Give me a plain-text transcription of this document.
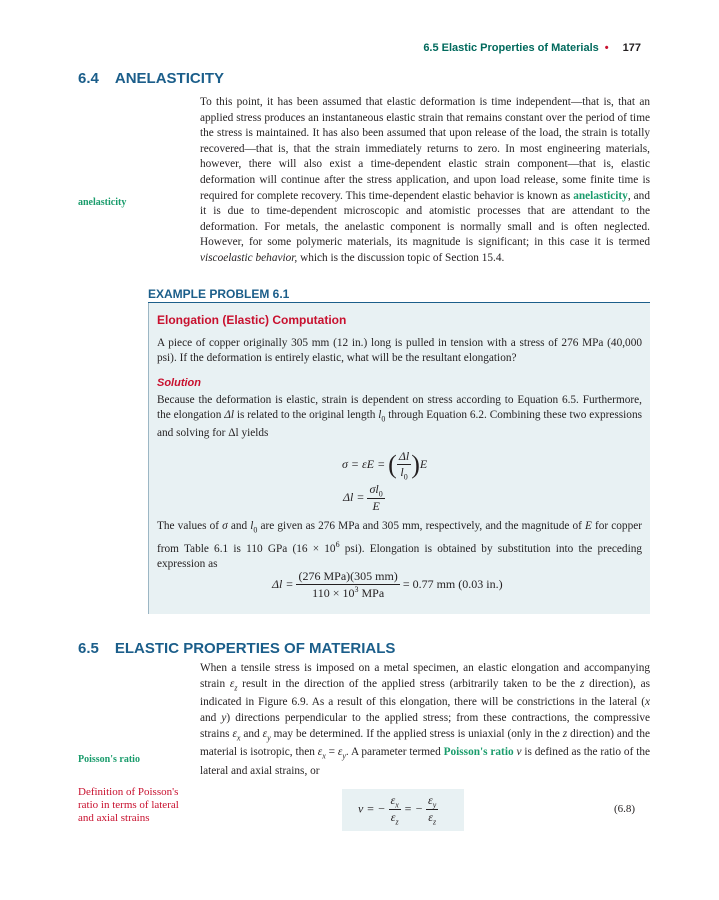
6.5 Elastic Properties of Materials • 177
6.4 ANELASTICITY

To this point, it has been assumed that elastic deformation is time independent—that is, that an applied stress produces an instantaneous elastic strain that remains constant over the period of time the stress is maintained. It has also been assumed that upon release of the load, the strain is totally recovered—that is, that the strain immediately returns to zero. In most engineering materials, however, there will also exist a time-dependent elastic strain component—that is, elastic deformation will continue after the stress application, and upon load release, some finite time is required for complete recovery. This time-dependent elastic behavior is known as anelasticity, and it is due to time-dependent microscopic and atomistic processes that are attendant to the deformation. For metals, the anelastic component is normally small and is often neglected. However, for some polymeric materials, its magnitude is significant; in this case it is termed viscoelastic behavior, which is the discussion topic of Section 15.4.

anelasticity
EXAMPLE PROBLEM 6.1
Elongation (Elastic) Computation
A piece of copper originally 305 mm (12 in.) long is pulled in tension with a stress of 276 MPa (40,000 psi). If the deformation is entirely elastic, what will be the resultant elongation?
Solution
Because the deformation is elastic, strain is dependent on stress according to Equation 6.5. Furthermore, the elongation Δl is related to the original length $l_0$ through Equation 6.2. Combining these two expressions and solving for Δl yields
σ = εE = ( $\frac{\Delta l}{l_0} )E$
$\Delta l = \frac{\sigma l_0}{E}$
The values of σ and $l_0$ are given as 276 MPa and 305 mm, respectively, and the magnitude of E for copper from Table 6.1 is 110 GPa ($16 \times 10^6$ psi). Elongation is obtained by substitution into the preceding expression as
$\Delta l = \frac{\text{(276 MPa)(305 mm)}}{110 \times 10^3 MPa} = 0.77$ mm (0.03 in.)
6.5 ELASTIC PROPERTIES OF MATERIALS

When a tensile stress is imposed on a metal specimen, an elastic elongation and accompanying strain $\varepsilon_z$ result in the direction of the applied stress (arbitrarily taken to be the z direction), as indicated in Figure 6.9. As a result of this elongation, there will be constrictions in the lateral (x and y) directions perpendicular to the applied stress; from these contractions, the compressive strains $\varepsilon_x$ and $\varepsilon_y$ may be determined. If the applied stress is uniaxial (only in the z direction) and the material is isotropic, then $\varepsilon_x = \varepsilon_y$. A parameter termed Poisson's ratio ν is defined as the ratio of the lateral and axial strains, or

Poisson's ratio
Definition of Poisson's ratio in terms of lateral and axial strains
ν = − $\frac{\varepsilon_x}{\varepsilon_z}$ = − $\frac{\varepsilon_y}{\varepsilon_z}$	(6.8)
